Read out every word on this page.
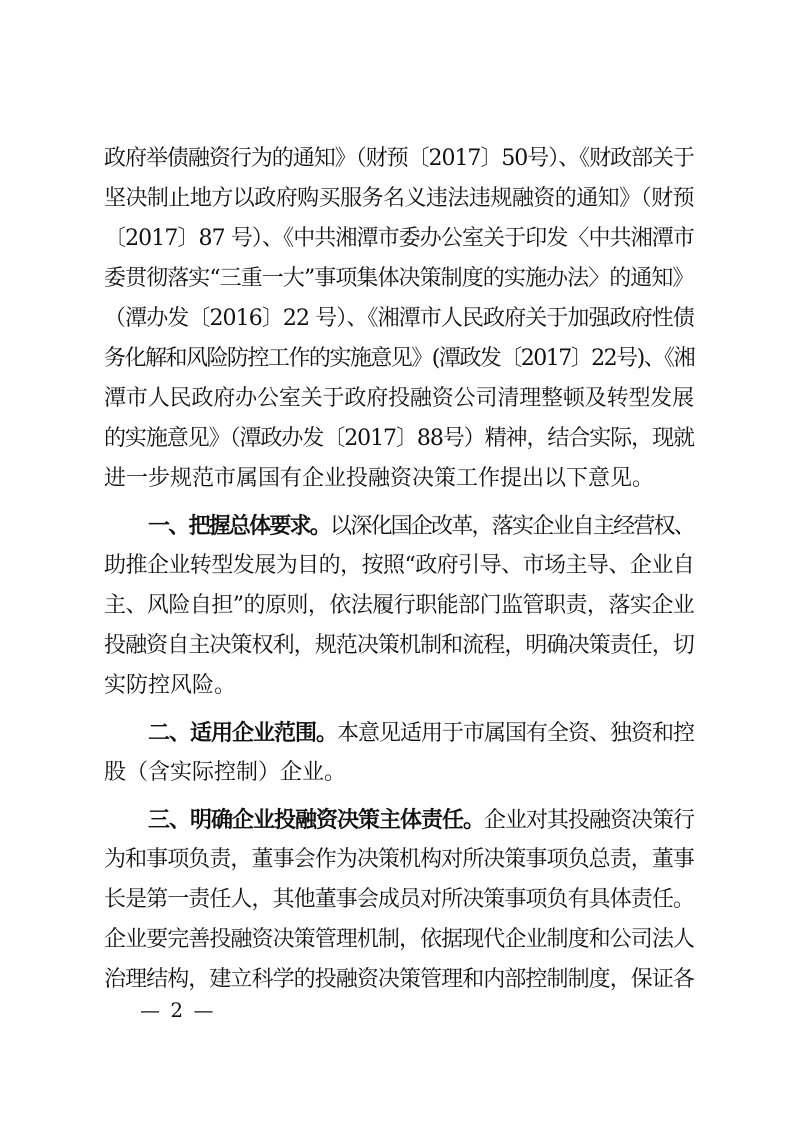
政府举债融资行为的通知》（财预〔2017〕50号）、《财政部关于
坚决制止地方以政府购买服务名义违法违规融资的通知》（财预
〔2017〕87 号）、《中共湘潭市委办公室关于印发〈中共湘潭市
委贯彻落实“三重一大”事项集体决策制度的实施办法〉的通知》
（潭办发〔2016〕22 号）、《湘潭市人民政府关于加强政府性债
务化解和风险防控工作的实施意见》(潭政发〔2017〕22号)、《湘
潭市人民政府办公室关于政府投融资公司清理整顿及转型发展
的实施意见》（潭政办发〔2017〕88号）精神，结合实际，现就
进一步规范市属国有企业投融资决策工作提出以下意见。
一、把握总体要求。以深化国企改革，落实企业自主经营权、
助推企业转型发展为目的，按照“政府引导、市场主导、企业自
主、风险自担”的原则，依法履行职能部门监管职责，落实企业
投融资自主决策权利，规范决策机制和流程，明确决策责任，切
实防控风险。
二、适用企业范围。本意见适用于市属国有全资、独资和控
股（含实际控制）企业。
三、明确企业投融资决策主体责任。企业对其投融资决策行
为和事项负责，董事会作为决策机构对所决策事项负总责，董事
长是第一责任人，其他董事会成员对所决策事项负有具体责任。
企业要完善投融资决策管理机制，依据现代企业制度和公司法人
治理结构，建立科学的投融资决策管理和内部控制制度，保证各
— 2 —
